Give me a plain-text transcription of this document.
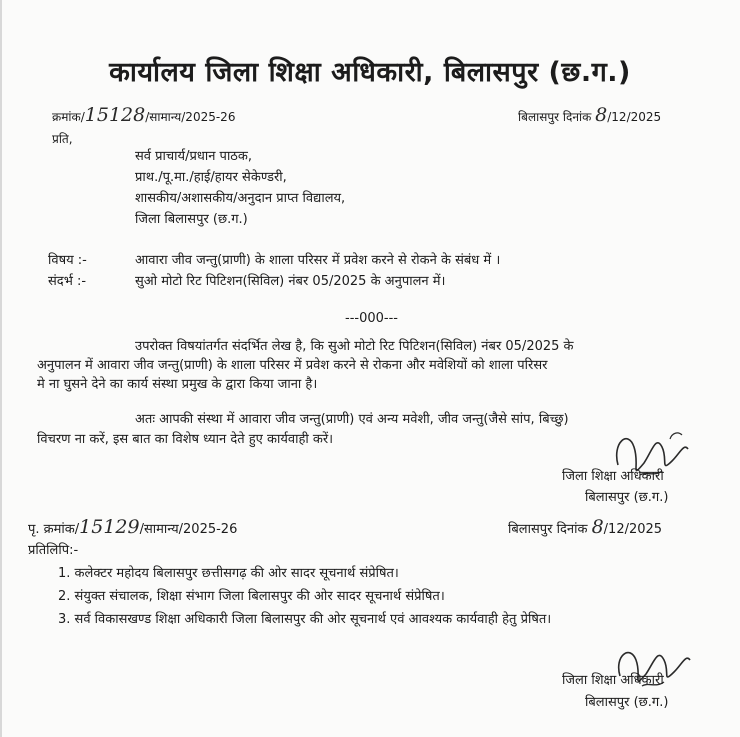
कार्यालय जिला शिक्षा अधिकारी, बिलासपुर (छ.ग.)
क्रमांक/15128/सामान्य/2025-26	बिलासपुर दिनांक 8/12/2025
प्रति,
सर्व प्राचार्य/प्रधान पाठक,
प्राथ./पू.मा./हाई/हायर सेकेण्डरी,
शासकीय/अशासकीय/अनुदान प्राप्त विद्यालय,
जिला बिलासपुर (छ.ग.)
विषय :-	आवारा जीव जन्तु(प्राणी) के शाला परिसर में प्रवेश करने से रोकने के संबंध में ।
संदर्भ :-	सुओ मोटो रिट पिटिशन(सिविल) नंबर 05/2025 के अनुपालन में।
---000---
उपरोक्त विषयांतर्गत संदर्भित लेख है, कि सुओ मोटो रिट पिटिशन(सिविल) नंबर 05/2025 के
अनुपालन में आवारा जीव जन्तु(प्राणी) के शाला परिसर में प्रवेश करने से रोकना और मवेशियों को शाला परिसर
मे ना घुसने देने का कार्य संस्था प्रमुख के द्वारा किया जाना है।
अतः आपकी संस्था में आवारा जीव जन्तु(प्राणी) एवं अन्य मवेशी, जीव जन्तु(जैसे सांप, बिच्छु)
विचरण ना करें, इस बात का विशेष ध्यान देते हुए कार्यवाही करें।
जिला शिक्षा अधिकारी
बिलासपुर (छ.ग.)
पृ. क्रमांक/15129/सामान्य/2025-26	बिलासपुर दिनांक 8/12/2025
प्रतिलिपि:-
1. कलेक्टर महोदय बिलासपुर छत्तीसगढ़ की ओर सादर सूचनार्थ संप्रेषित।
2. संयुक्त संचालक, शिक्षा संभाग जिला बिलासपुर की ओर सादर सूचनार्थ संप्रेषित।
3. सर्व विकासखण्ड शिक्षा अधिकारी जिला बिलासपुर की ओर सूचनार्थ एवं आवश्यक कार्यवाही हेतु प्रेषित।
जिला शिक्षा अधिकारी
बिलासपुर (छ.ग.)
